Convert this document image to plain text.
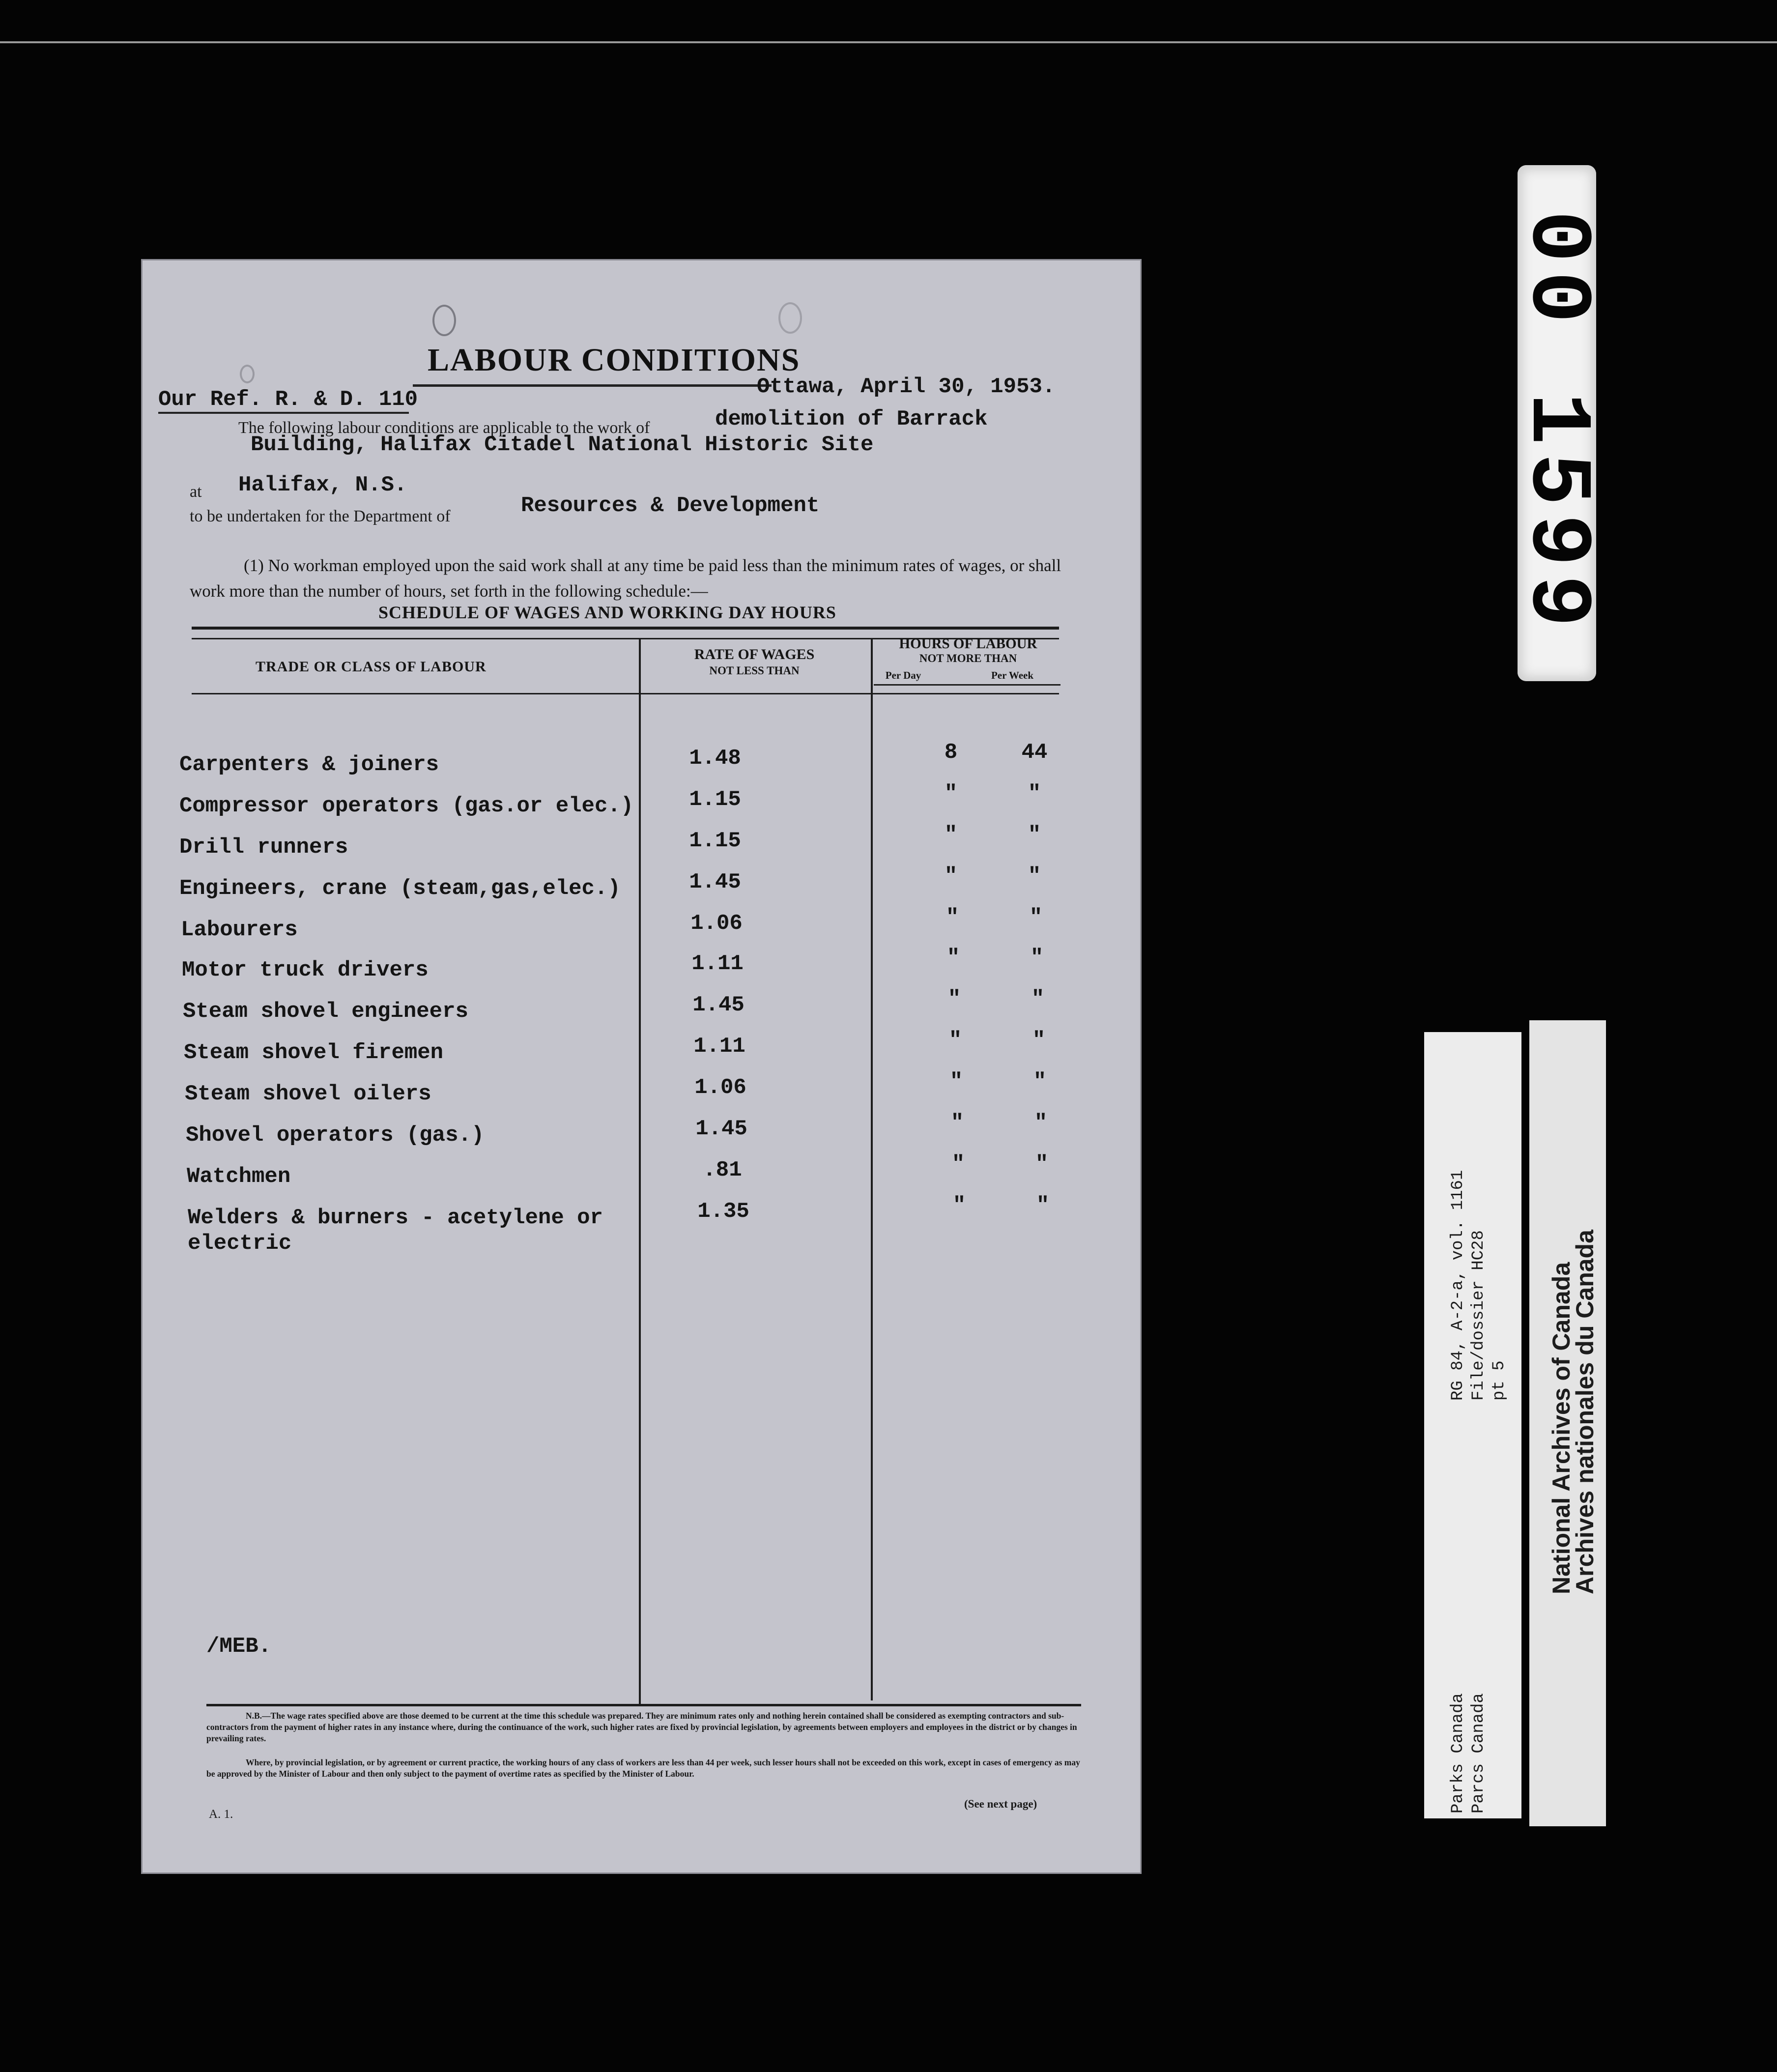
LABOUR CONDITIONS
Our Ref. R. & D. 110
Ottawa, April 30, 1953.
The following labour conditions are applicable to the work of	demolition of Barrack
Building, Halifax Citadel National Historic Site
at Halifax, N.S.
to be undertaken for the Department of	Resources & Development
(1) No workman employed upon the said work shall at any time be paid less than the minimum rates of wages, or shall work more than the number of hours, set forth in the following schedule:—
SCHEDULE OF WAGES AND WORKING DAY HOURS
TRADE OR CLASS OF LABOUR
RATE OF WAGES
NOT LESS THAN
HOURS OF LABOUR
NOT MORE THAN
Per Day	Per Week
Carpenters & joiners	1.48	8	44
Compressor operators (gas.or elec.)	1.15	"	"
Drill runners	1.15	"	"
Engineers, crane (steam,gas,elec.)	1.45	"	"
Labourers	1.06	"	"
Motor truck drivers	1.11	"	"
Steam shovel engineers	1.45	"	"
Steam shovel firemen	1.11	"	"
Steam shovel oilers	1.06	"	"
Shovel operators (gas.)	1.45	"	"
Watchmen	.81	"	"
Welders & burners - acetylene or
electric
1.35	"	"
/MEB.
N.B.—The wage rates specified above are those deemed to be current at the time this schedule was prepared. They are minimum rates only and nothing herein contained shall be considered as exempting contractors and sub-contractors from the payment of higher rates in any instance where, during the continuance of the work, such higher rates are fixed by provincial legislation, by agreements between employers and employees in the district or by changes in prevailing rates.
Where, by provincial legislation, or by agreement or current practice, the working hours of any class of workers are less than 44 per week, such lesser hours shall not be exceeded on this work, except in cases of emergency as may be approved by the Minister of Labour and then only subject to the payment of overtime rates as specified by the Minister of Labour.
A. 1.
(See next page)
00 1599
RG 84, A-2-a, vol. 1161 File/dossier HC28 pt 5
Parks Canada Parcs Canada
National Archives of Canada
Archives nationales du Canada
